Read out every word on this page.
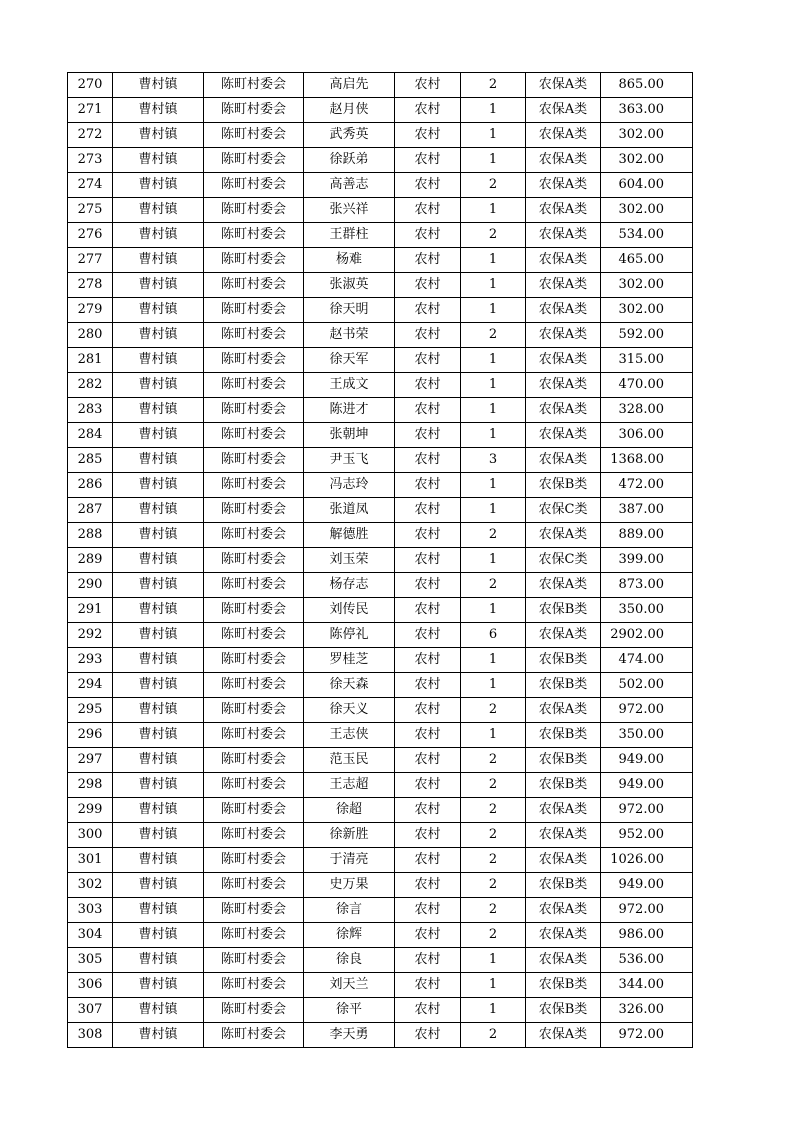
270	曹村镇	陈町村委会	高启先	农村	2	农保A类	865.00
271	曹村镇	陈町村委会	赵月侠	农村	1	农保A类	363.00
272	曹村镇	陈町村委会	武秀英	农村	1	农保A类	302.00
273	曹村镇	陈町村委会	徐跃弟	农村	1	农保A类	302.00
274	曹村镇	陈町村委会	高善志	农村	2	农保A类	604.00
275	曹村镇	陈町村委会	张兴祥	农村	1	农保A类	302.00
276	曹村镇	陈町村委会	王群柱	农村	2	农保A类	534.00
277	曹村镇	陈町村委会	杨难	农村	1	农保A类	465.00
278	曹村镇	陈町村委会	张淑英	农村	1	农保A类	302.00
279	曹村镇	陈町村委会	徐天明	农村	1	农保A类	302.00
280	曹村镇	陈町村委会	赵书荣	农村	2	农保A类	592.00
281	曹村镇	陈町村委会	徐天军	农村	1	农保A类	315.00
282	曹村镇	陈町村委会	王成文	农村	1	农保A类	470.00
283	曹村镇	陈町村委会	陈进才	农村	1	农保A类	328.00
284	曹村镇	陈町村委会	张朝坤	农村	1	农保A类	306.00
285	曹村镇	陈町村委会	尹玉飞	农村	3	农保A类	1368.00
286	曹村镇	陈町村委会	冯志玲	农村	1	农保B类	472.00
287	曹村镇	陈町村委会	张道凤	农村	1	农保C类	387.00
288	曹村镇	陈町村委会	解德胜	农村	2	农保A类	889.00
289	曹村镇	陈町村委会	刘玉荣	农村	1	农保C类	399.00
290	曹村镇	陈町村委会	杨存志	农村	2	农保A类	873.00
291	曹村镇	陈町村委会	刘传民	农村	1	农保B类	350.00
292	曹村镇	陈町村委会	陈停礼	农村	6	农保A类	2902.00
293	曹村镇	陈町村委会	罗桂芝	农村	1	农保B类	474.00
294	曹村镇	陈町村委会	徐天森	农村	1	农保B类	502.00
295	曹村镇	陈町村委会	徐天义	农村	2	农保A类	972.00
296	曹村镇	陈町村委会	王志侠	农村	1	农保B类	350.00
297	曹村镇	陈町村委会	范玉民	农村	2	农保B类	949.00
298	曹村镇	陈町村委会	王志超	农村	2	农保B类	949.00
299	曹村镇	陈町村委会	徐超	农村	2	农保A类	972.00
300	曹村镇	陈町村委会	徐新胜	农村	2	农保A类	952.00
301	曹村镇	陈町村委会	于清亮	农村	2	农保A类	1026.00
302	曹村镇	陈町村委会	史万果	农村	2	农保B类	949.00
303	曹村镇	陈町村委会	徐言	农村	2	农保A类	972.00
304	曹村镇	陈町村委会	徐辉	农村	2	农保A类	986.00
305	曹村镇	陈町村委会	徐良	农村	1	农保A类	536.00
306	曹村镇	陈町村委会	刘天兰	农村	1	农保B类	344.00
307	曹村镇	陈町村委会	徐平	农村	1	农保B类	326.00
308	曹村镇	陈町村委会	李天勇	农村	2	农保A类	972.00
